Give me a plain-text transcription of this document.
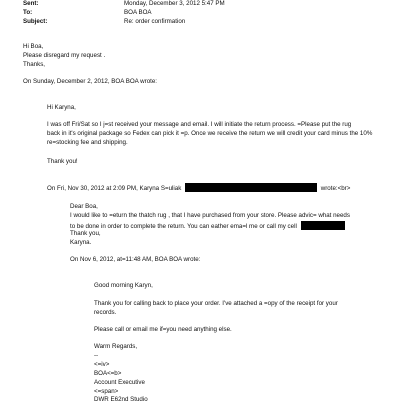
Sent:	Monday, December 3, 2012 5:47 PM
To:	BOA BOA
Subject:	Re: order confirmation
Hi Boa,
Please disregard my request .
Thanks,
On Sunday, December 2, 2012, BOA BOA wrote:
Hi Karyna,
I was off Fri/Sat so I j=st received your message and email. I will initiate the return process. =Please put the rug
back in it's original package so Fedex can pick it =p. Once we receive the return we will credit your card minus the 10%
re=stocking fee and shipping.
Thank you!
On Fri, Nov 30, 2012 at 2:09 PM, Karyna S=uliak	wrote:<br>
Dear Boa,
I would like to =eturn the thatch rug , that I have purchased from your store. Please advic= what needs
to be done in order to complete the return. You can eather ema=l me or call my cell
Thank you,
Karyna.
On Nov 6, 2012, at=11:48 AM, BOA BOA wrote:
Good morning Karyn,
Thank you for calling back to place your order. I've attached a =opy of the receipt for your
records.
Please call or email me if=you need anything else.
Warm Regards,
--
<=iv>
BOA<=b>
Account Executive
<=span>
DWR E62nd Studio
